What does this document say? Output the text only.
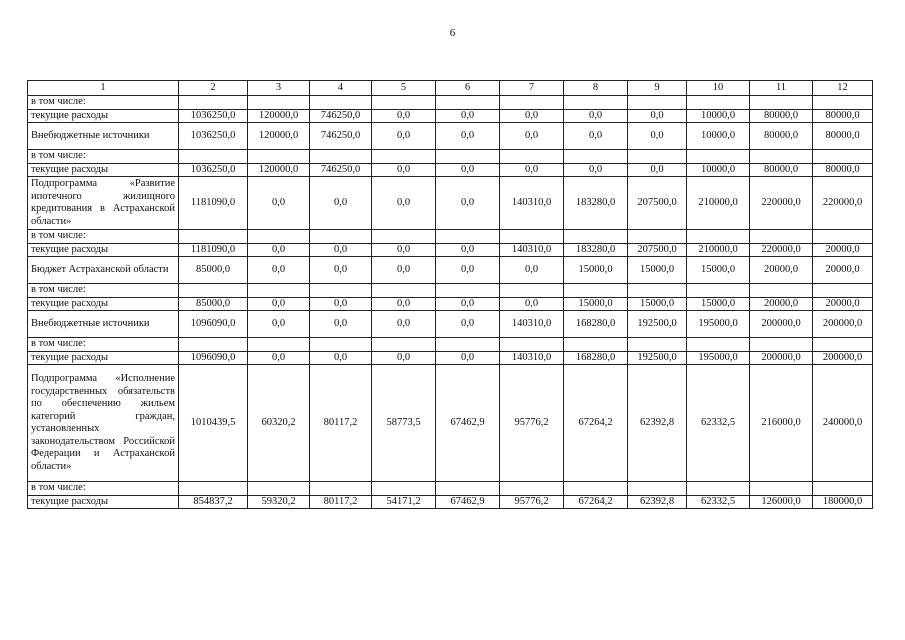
6
1	2	3	4	5	6	7	8	9	10	11	12
в том числе:											
текущие расходы	1036250,0	120000,0	746250,0	0,0	0,0	0,0	0,0	0,0	10000,0	80000,0	80000,0
Внебюджетные источники	1036250,0	120000,0	746250,0	0,0	0,0	0,0	0,0	0,0	10000,0	80000,0	80000,0
в том числе:											
текущие расходы	1036250,0	120000,0	746250,0	0,0	0,0	0,0	0,0	0,0	10000,0	80000,0	80000,0
Подпрограмма «Развитие ипотечного жилищного кредитования в Астраханской области»	1181090,0	0,0	0,0	0,0	0,0	140310,0	183280,0	207500,0	210000,0	220000,0	220000,0
в том числе:											
текущие расходы	1181090,0	0,0	0,0	0,0	0,0	140310,0	183280,0	207500,0	210000,0	220000,0	20000,0
Бюджет Астраханской области	85000,0	0,0	0,0	0,0	0,0	0,0	15000,0	15000,0	15000,0	20000,0	20000,0
в том числе:											
текущие расходы	85000,0	0,0	0,0	0,0	0,0	0,0	15000,0	15000,0	15000,0	20000,0	20000,0
Внебюджетные источники	1096090,0	0,0	0,0	0,0	0,0	140310,0	168280,0	192500,0	195000,0	200000,0	200000,0
в том числе:											
текущие расходы	1096090,0	0,0	0,0	0,0	0,0	140310,0	168280,0	192500,0	195000,0	200000,0	200000,0
Подпрограмма «Исполнение государственных обязательств по обеспечению жильем категорий граждан, установленных законодательством Российской Федерации и Астраханской области»	1010439,5	60320,2	80117,2	58773,5	67462,9	95776,2	67264,2	62392,8	62332,5	216000,0	240000,0
в том числе:											
текущие расходы	854837,2	59320,2	80117,2	54171,2	67462,9	95776,2	67264,2	62392,8	62332,5	126000,0	180000,0
